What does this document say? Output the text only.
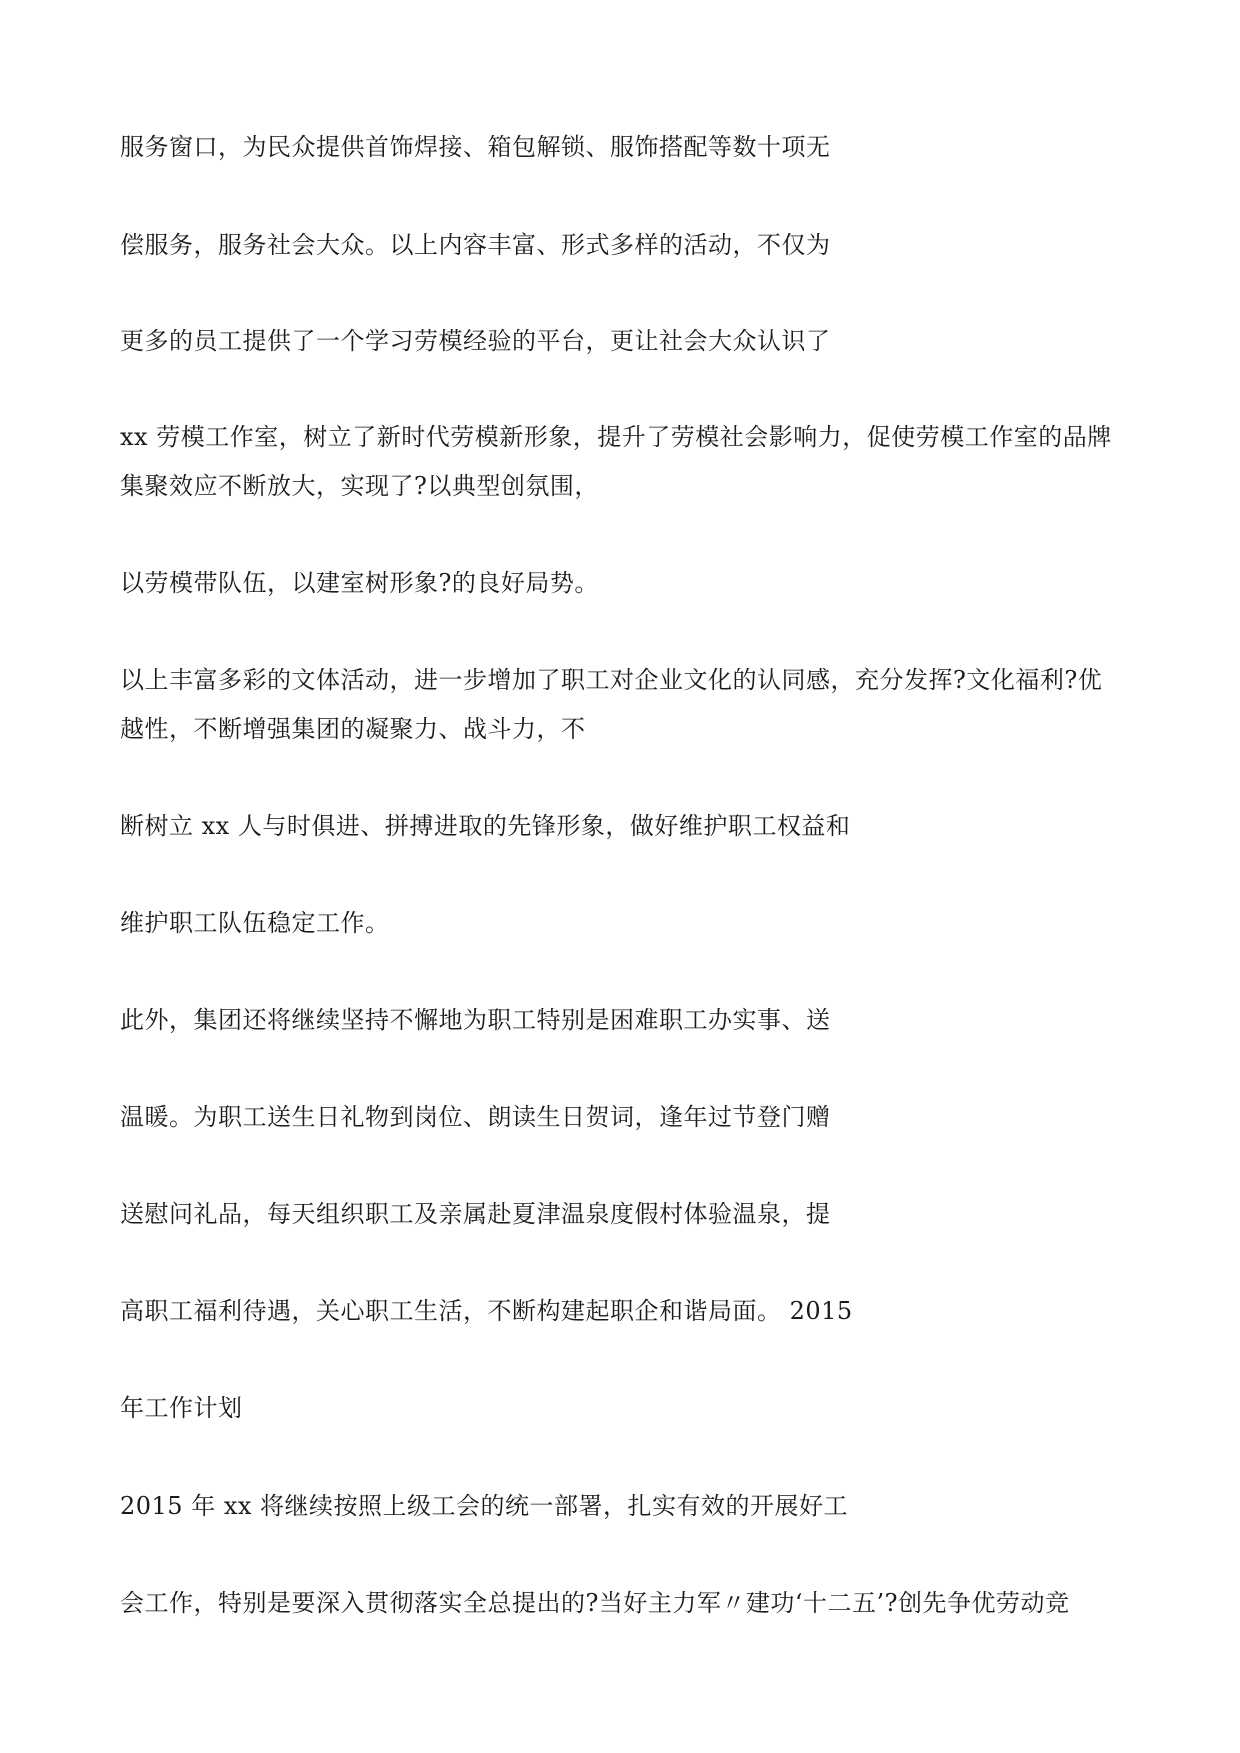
服务窗口，为民众提供首饰焊接、箱包解锁、服饰搭配等数十项无
偿服务，服务社会大众。以上内容丰富、形式多样的活动，不仅为
更多的员工提供了一个学习劳模经验的平台，更让社会大众认识了
xx 劳模工作室，树立了新时代劳模新形象，提升了劳模社会影响力，促使劳模工作室的品牌
集聚效应不断放大，实现了?以典型创氛围，
以劳模带队伍，以建室树形象?的良好局势。
以上丰富多彩的文体活动，进一步增加了职工对企业文化的认同感，充分发挥?文化福利?优
越性，不断增强集团的凝聚力、战斗力，不
断树立 xx 人与时俱进、拼搏进取的先锋形象，做好维护职工权益和
维护职工队伍稳定工作。
此外，集团还将继续坚持不懈地为职工特别是困难职工办实事、送
温暖。为职工送生日礼物到岗位、朗读生日贺词，逢年过节登门赠
送慰问礼品，每天组织职工及亲属赴夏津温泉度假村体验温泉，提
高职工福利待遇，关心职工生活，不断构建起职企和谐局面。 2015
年工作计划
2015 年 xx 将继续按照上级工会的统一部署，扎实有效的开展好工
会工作，特别是要深入贯彻落实全总提出的?当好主力军〃建功‘十二五’?创先争优劳动竞
